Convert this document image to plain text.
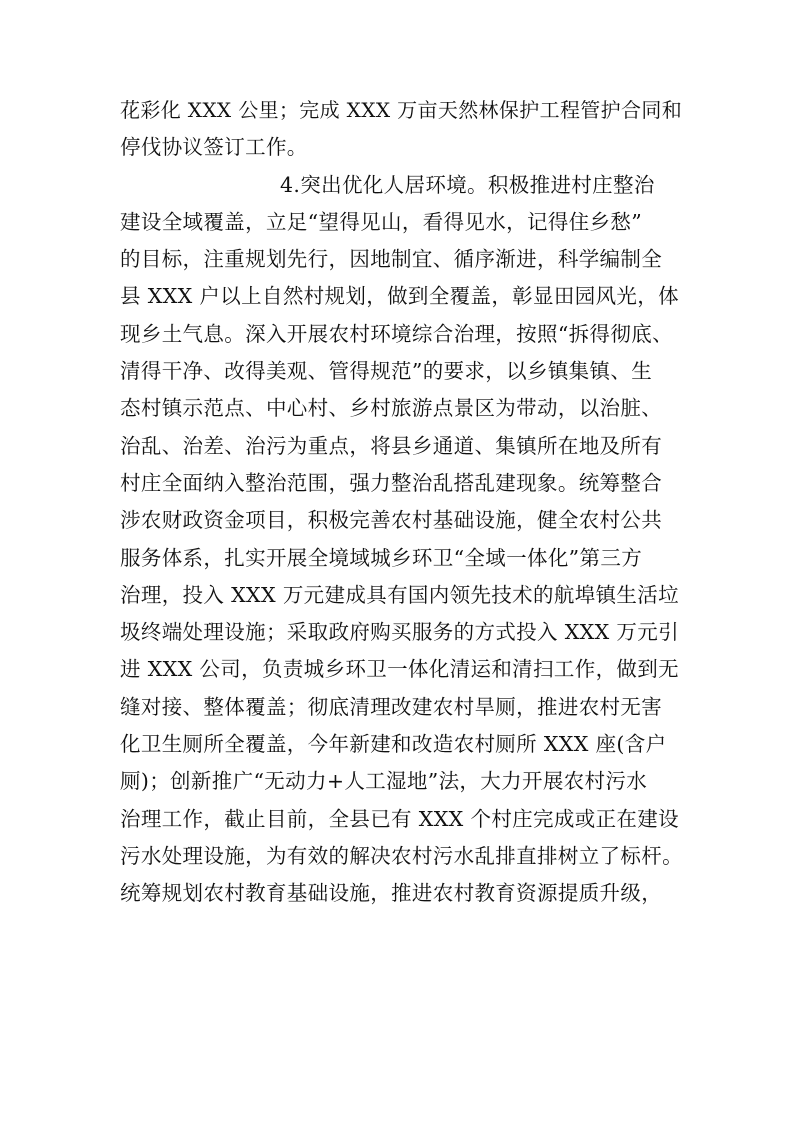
花彩化 XXX 公里；完成 XXX 万亩天然林保护工程管护合同和
停伐协议签订工作。
4.突出优化人居环境。积极推进村庄整治
建设全域覆盖，立足“望得见山，看得见水，记得住乡愁”
的目标，注重规划先行，因地制宜、循序渐进，科学编制全
县 XXX 户以上自然村规划，做到全覆盖，彰显田园风光，体
现乡土气息。深入开展农村环境综合治理，按照“拆得彻底、
清得干净、改得美观、管得规范”的要求，以乡镇集镇、生
态村镇示范点、中心村、乡村旅游点景区为带动，以治脏、
治乱、治差、治污为重点，将县乡通道、集镇所在地及所有
村庄全面纳入整治范围，强力整治乱搭乱建现象。统筹整合
涉农财政资金项目，积极完善农村基础设施，健全农村公共
服务体系，扎实开展全境域城乡环卫“全域一体化”第三方
治理，投入 XXX 万元建成具有国内领先技术的航埠镇生活垃
圾终端处理设施；采取政府购买服务的方式投入 XXX 万元引
进 XXX 公司，负责城乡环卫一体化清运和清扫工作，做到无
缝对接、整体覆盖；彻底清理改建农村旱厕，推进农村无害
化卫生厕所全覆盖，今年新建和改造农村厕所 XXX 座(含户
厕)；创新推广“无动力+人工湿地”法，大力开展农村污水
治理工作，截止目前，全县已有 XXX 个村庄完成或正在建设
污水处理设施，为有效的解决农村污水乱排直排树立了标杆。
统筹规划农村教育基础设施，推进农村教育资源提质升级，
